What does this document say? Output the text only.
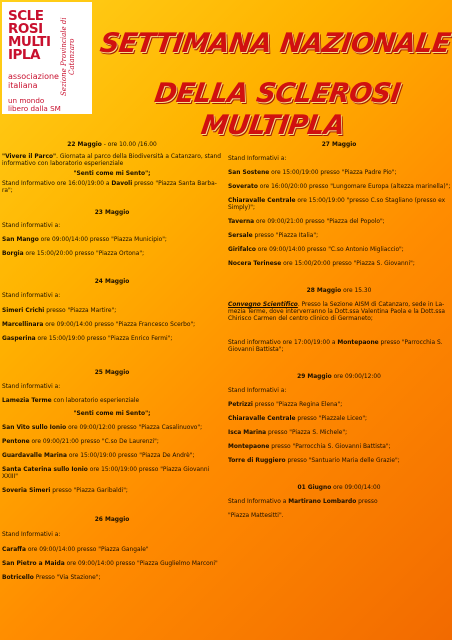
SCLE
ROSI
MULTI
IPLA
associazione
italiana
un mondo
libero dalla SM
Sezione Provinciale di Catanzaro SETTIMANA NAZIONALE
DELLA SCLEROSI MULTIPLA

22 Maggio - ore 10.00 /16.00

"Vivere il Parco". Giornata al parco della Biodiversità a Catanzaro, stand

informativo con laboratorio esperienziale

"Senti come mi Sento";

Stand Informativo ore 16:00/19:00 a Davoli presso "Piazza Santa Barba-

ra";

23 Maggio

Stand informativi a:

San Mango ore 09:00/14:00 presso "Piazza Municipio";

Borgia ore 15:00/20:00 presso "Piazza Ortona";

24 Maggio

Stand informativi a:

Simeri Crichi presso "Piazza Martire";

Marcellinara ore 09:00/14:00 presso "Piazza Francesco Scerbo";

Gasperina ore 15:00/19:00 presso "Piazza Enrico Fermi";

25 Maggio

Stand informativi a:

Lamezia Terme con laboratorio esperienziale

"Senti come mi Sento";

San Vito sullo Ionio ore 09:00/12:00 presso "Piazza Casalinuovo";

Pentone ore 09:00/21:00 presso "C.so De Laurenzi";

Guardavalle Marina ore 15:00/19:00 presso "Piazza De Andrè";

Santa Caterina sullo Ionio ore 15:00/19:00 presso "Piazza Giovanni

XXIII"

Soveria Simeri presso "Piazza Garibaldi";

26 Maggio

Stand Informativi a:

Caraffa ore 09:00/14:00 presso "Piazza Gangale"

San Pietro a Maida ore 09:00/14:00 presso "Piazza Guglielmo Marconi"

Botricello Presso "Via Stazione";

27 Maggio

Stand Informativi a:

San Sostene ore 15:00/19:00 presso "Piazza Padre Pio";

Soverato ore 16:00/20:00 presso "Lungomare Europa (altezza marinella)";

Chiaravalle Centrale ore 15:00/19:00 "presso C.so Stagliano (presso ex

Simply)";

Taverna ore 09:00/21:00 presso "Piazza del Popolo";

Sersale presso "Piazza Italia";

Girifalco ore 09:00/14:00 presso "C.so Antonio Migliaccio";

Nocera Terinese ore 15:00/20:00 presso "Piazza S. Giovanni";

28 Maggio ore 15.30

Convegno Scientifico. Presso la Sezione AISM di Catanzaro, sede in La-

mezia Terme, dove interverranno la Dott.ssa Valentina Paola e la Dott.ssa

Chirisco Carmen del centro clinico di Germaneto;

Stand informativo ore 17:00/19:00 a Montepaone presso "Parrocchia S.

Giovanni Battista";

29 Maggio ore 09:00/12:00

Stand Informativi a:

Petrizzi presso "Piazza Regina Elena";

Chiaravalle Centrale presso "Piazzale Liceo";

Isca Marina presso "Piazza S. Michele";

Montepaone presso "Parrocchia S. Giovanni Battista";

Torre di Ruggiero presso "Santuario Maria delle Grazie";

01 Giugno ore 09:00/14:00

Stand Informativo a Martirano Lombardo presso

"Piazza Mattesitti".
